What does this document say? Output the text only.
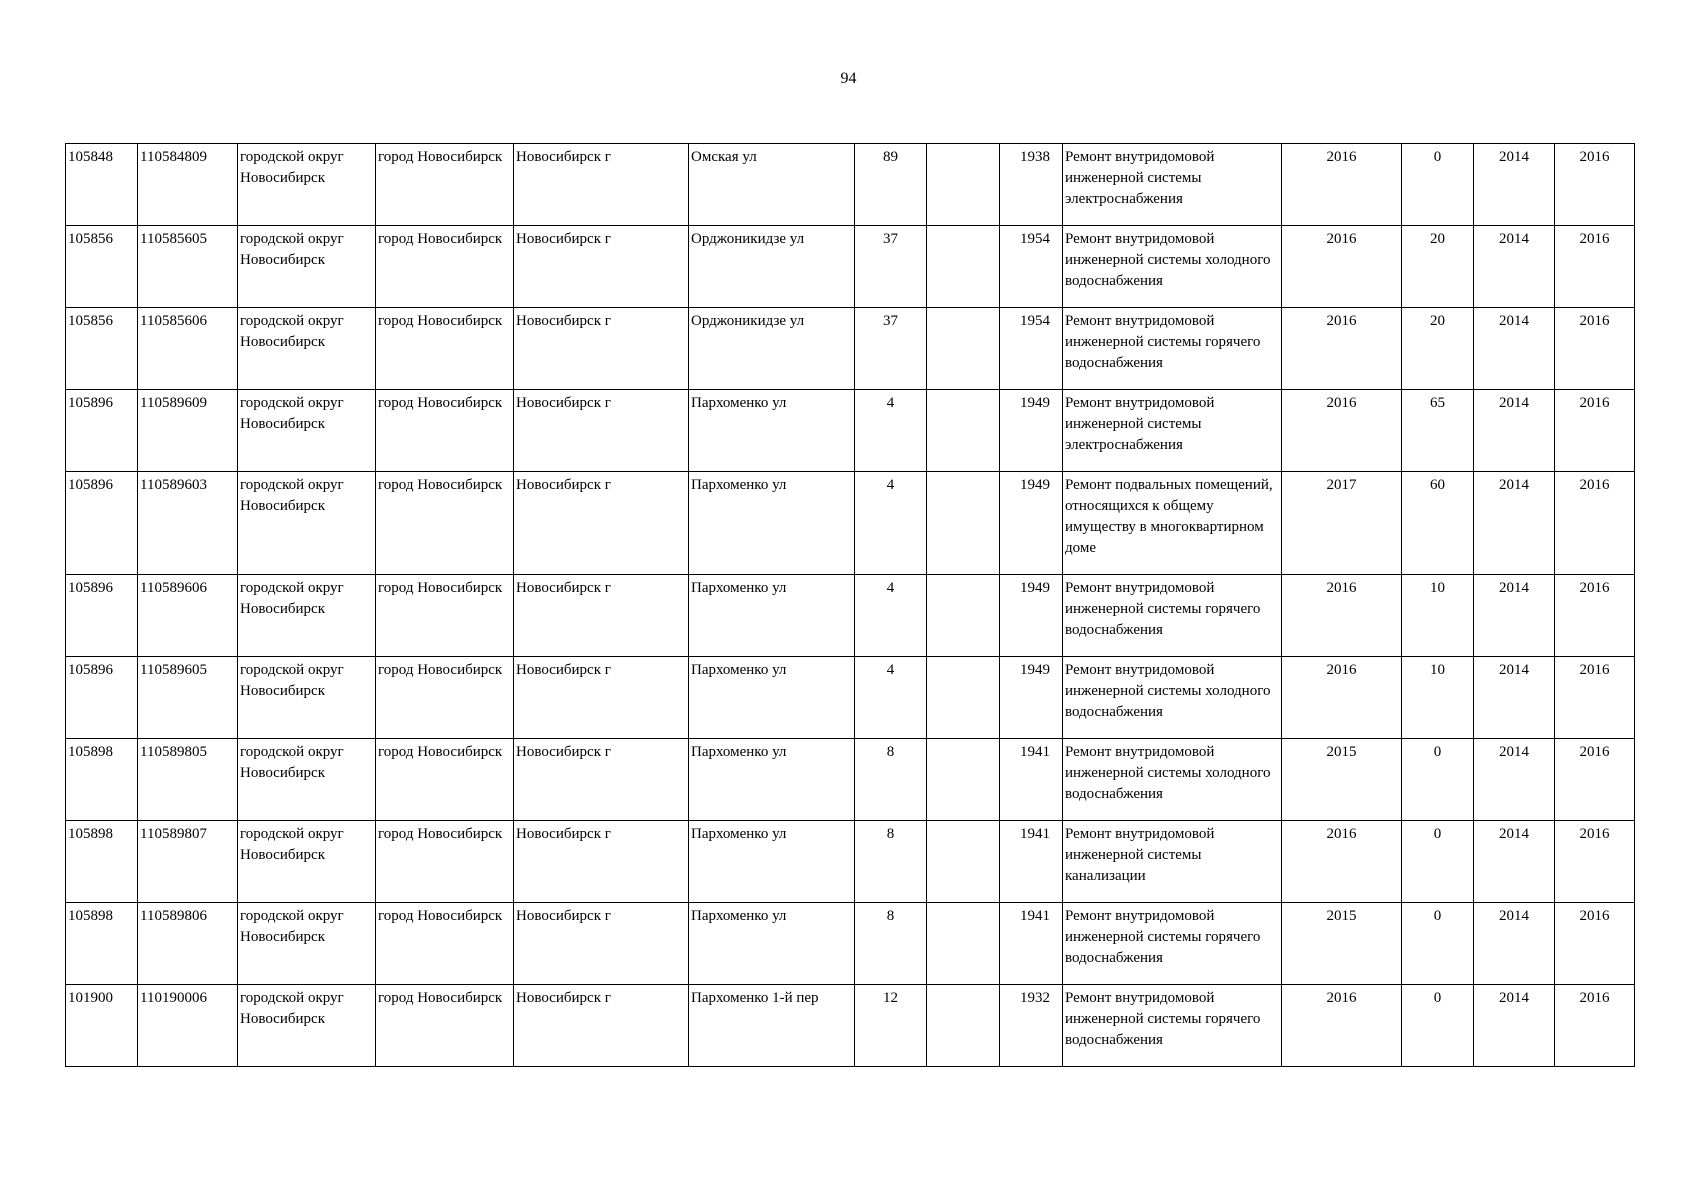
94
105848	110584809	городской округ Новосибирск	город Новосибирск	Новосибирск г	Омская ул	89		1938	Ремонт внутридомовой инженерной системы электроснабжения	2016	0	2014	2016
105856	110585605	городской округ Новосибирск	город Новосибирск	Новосибирск г	Орджоникидзе ул	37		1954	Ремонт внутридомовой инженерной системы холодного водоснабжения	2016	20	2014	2016
105856	110585606	городской округ Новосибирск	город Новосибирск	Новосибирск г	Орджоникидзе ул	37		1954	Ремонт внутридомовой инженерной системы горячего водоснабжения	2016	20	2014	2016
105896	110589609	городской округ Новосибирск	город Новосибирск	Новосибирск г	Пархоменко ул	4		1949	Ремонт внутридомовой инженерной системы электроснабжения	2016	65	2014	2016
105896	110589603	городской округ Новосибирск	город Новосибирск	Новосибирск г	Пархоменко ул	4		1949	Ремонт подвальных помещений, относящихся к общему имуществу в многоквартирном доме	2017	60	2014	2016
105896	110589606	городской округ Новосибирск	город Новосибирск	Новосибирск г	Пархоменко ул	4		1949	Ремонт внутридомовой инженерной системы горячего водоснабжения	2016	10	2014	2016
105896	110589605	городской округ Новосибирск	город Новосибирск	Новосибирск г	Пархоменко ул	4		1949	Ремонт внутридомовой инженерной системы холодного водоснабжения	2016	10	2014	2016
105898	110589805	городской округ Новосибирск	город Новосибирск	Новосибирск г	Пархоменко ул	8		1941	Ремонт внутридомовой инженерной системы холодного водоснабжения	2015	0	2014	2016
105898	110589807	городской округ Новосибирск	город Новосибирск	Новосибирск г	Пархоменко ул	8		1941	Ремонт внутридомовой инженерной системы канализации	2016	0	2014	2016
105898	110589806	городской округ Новосибирск	город Новосибирск	Новосибирск г	Пархоменко ул	8		1941	Ремонт внутридомовой инженерной системы горячего водоснабжения	2015	0	2014	2016
101900	110190006	городской округ Новосибирск	город Новосибирск	Новосибирск г	Пархоменко 1-й пер	12		1932	Ремонт внутридомовой инженерной системы горячего водоснабжения	2016	0	2014	2016
